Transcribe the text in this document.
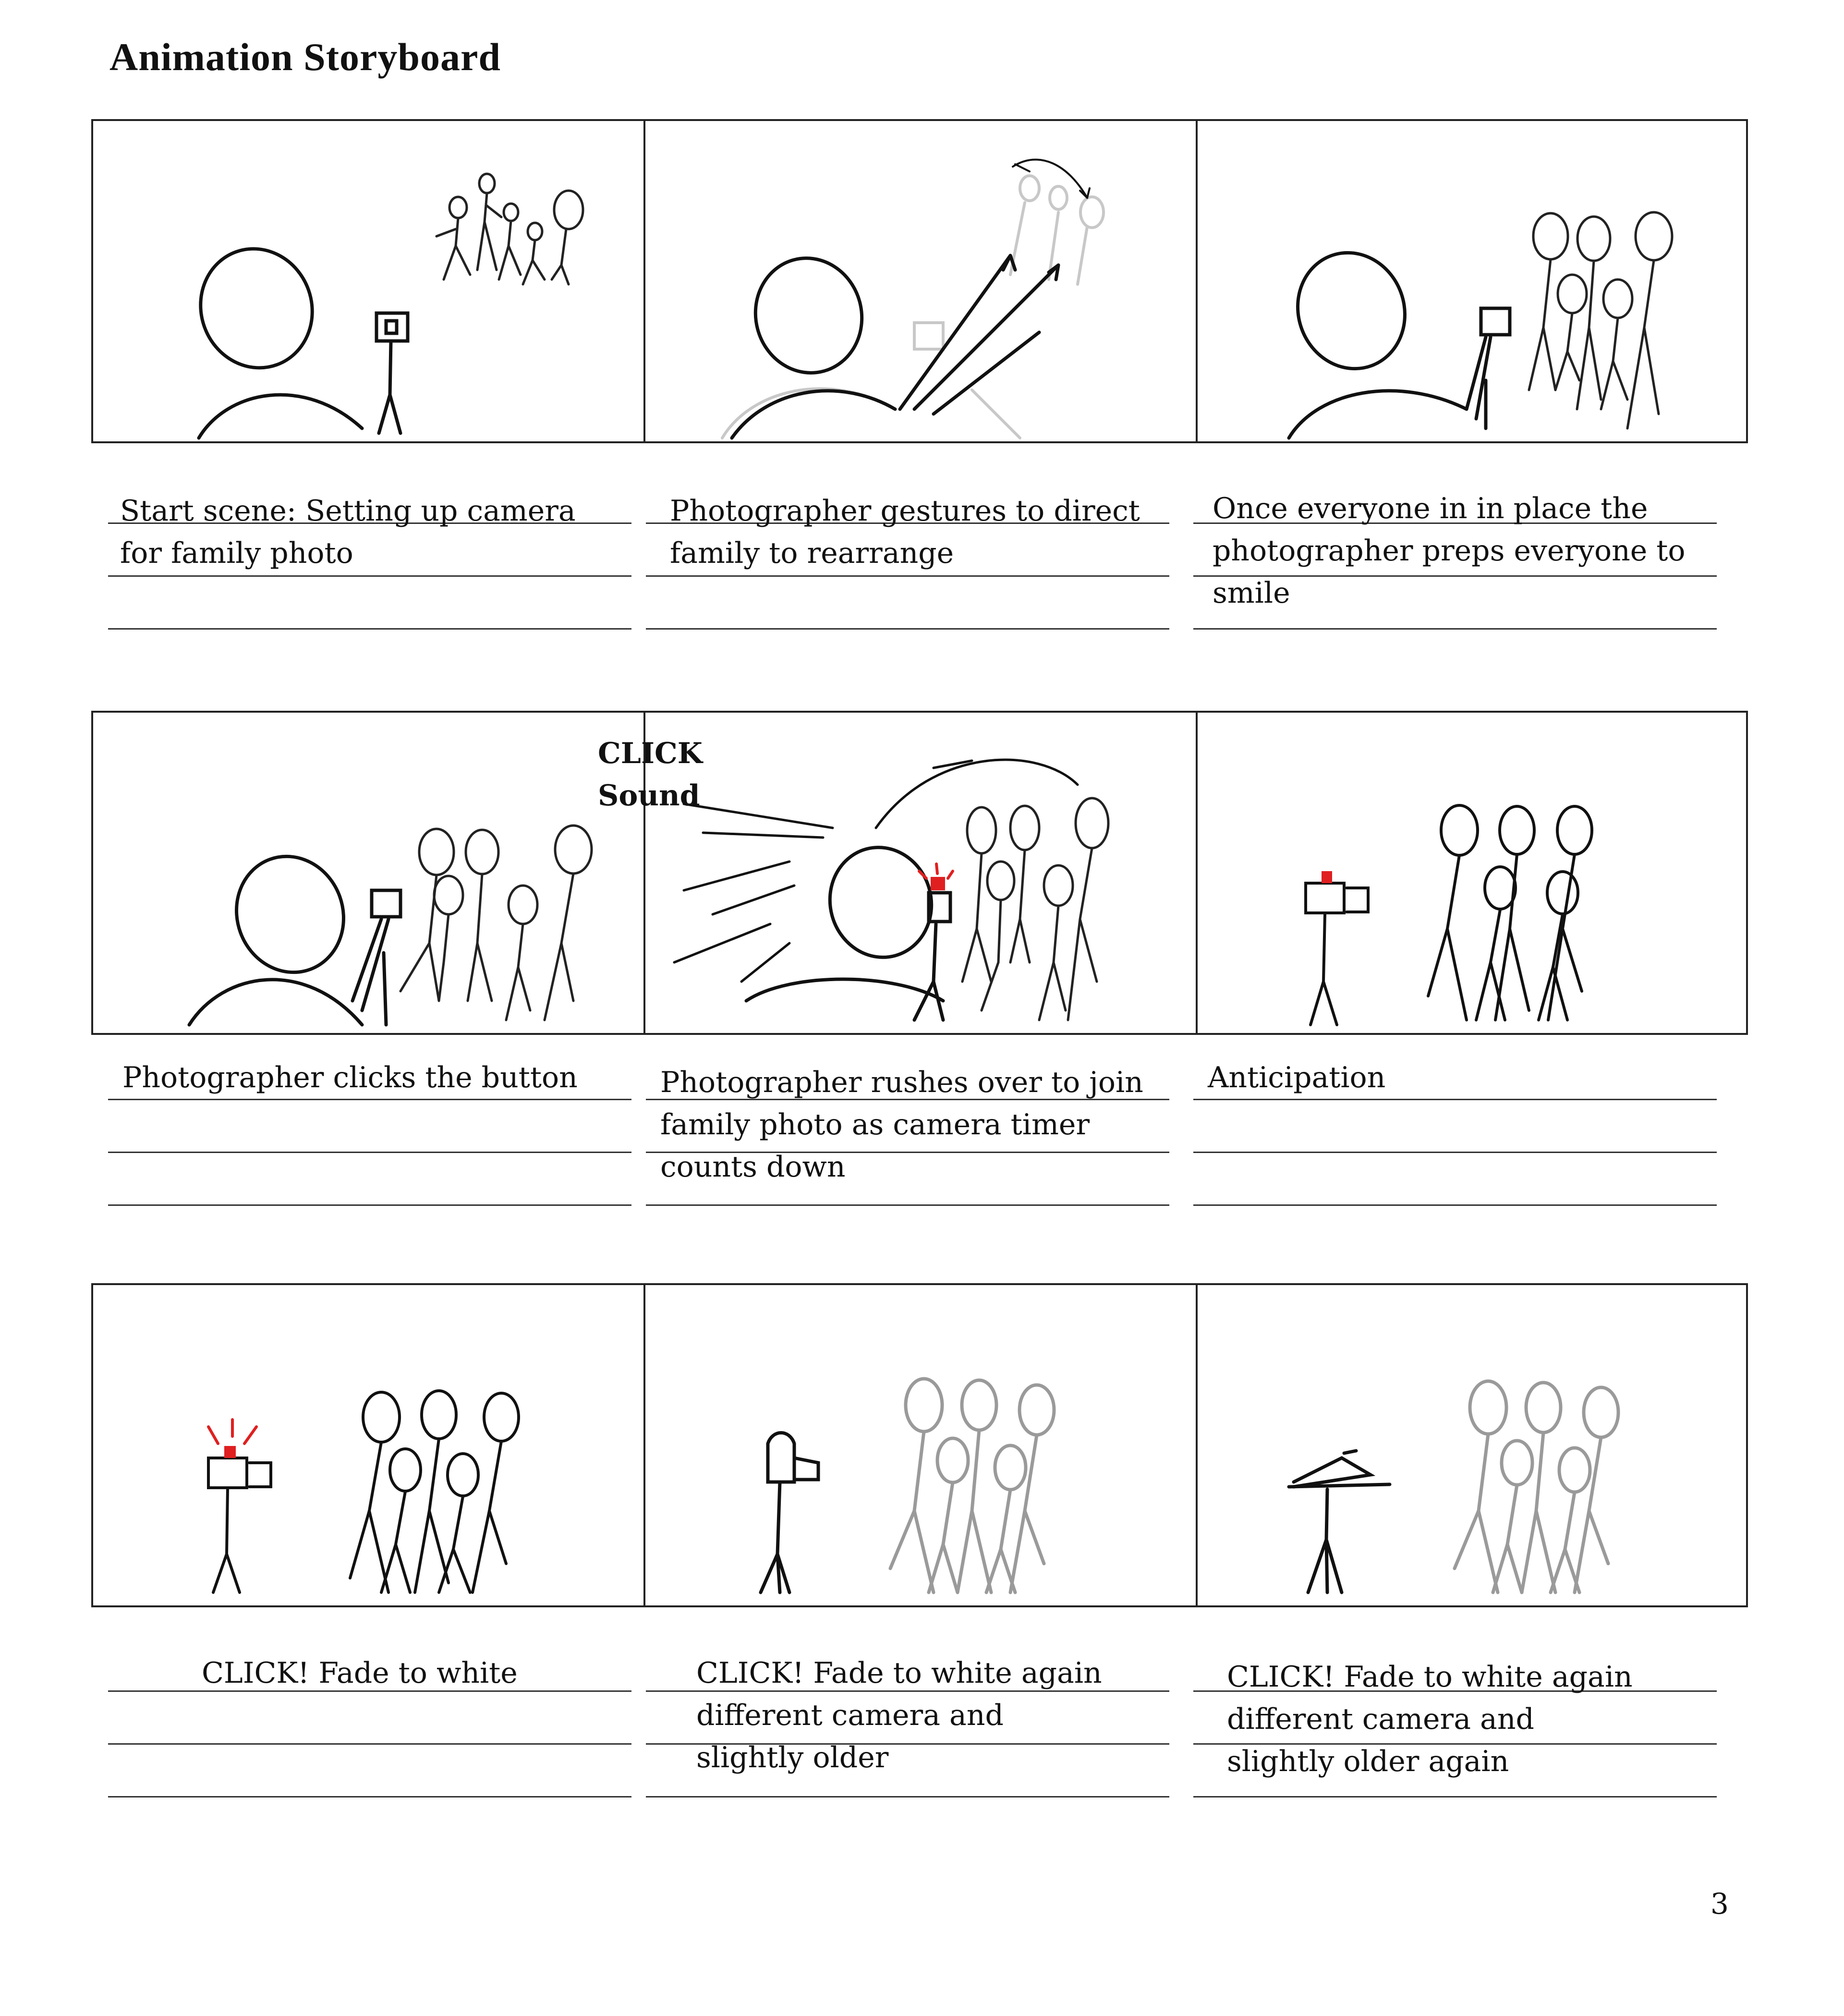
Animation Storyboard
Start scene: Setting up camera
for family photo
Photographer gestures to direct
family to rearrange
Once everyone in in place the
photographer preps everyone to
smile
CLICK
Sound
Photographer clicks the button	Photographer rushes over to join
family photo as camera timer
counts down
Anticipation
CLICK! Fade to white	CLICK! Fade to white again
different camera and
slightly older
CLICK! Fade to white again
different camera and
slightly older again
3
